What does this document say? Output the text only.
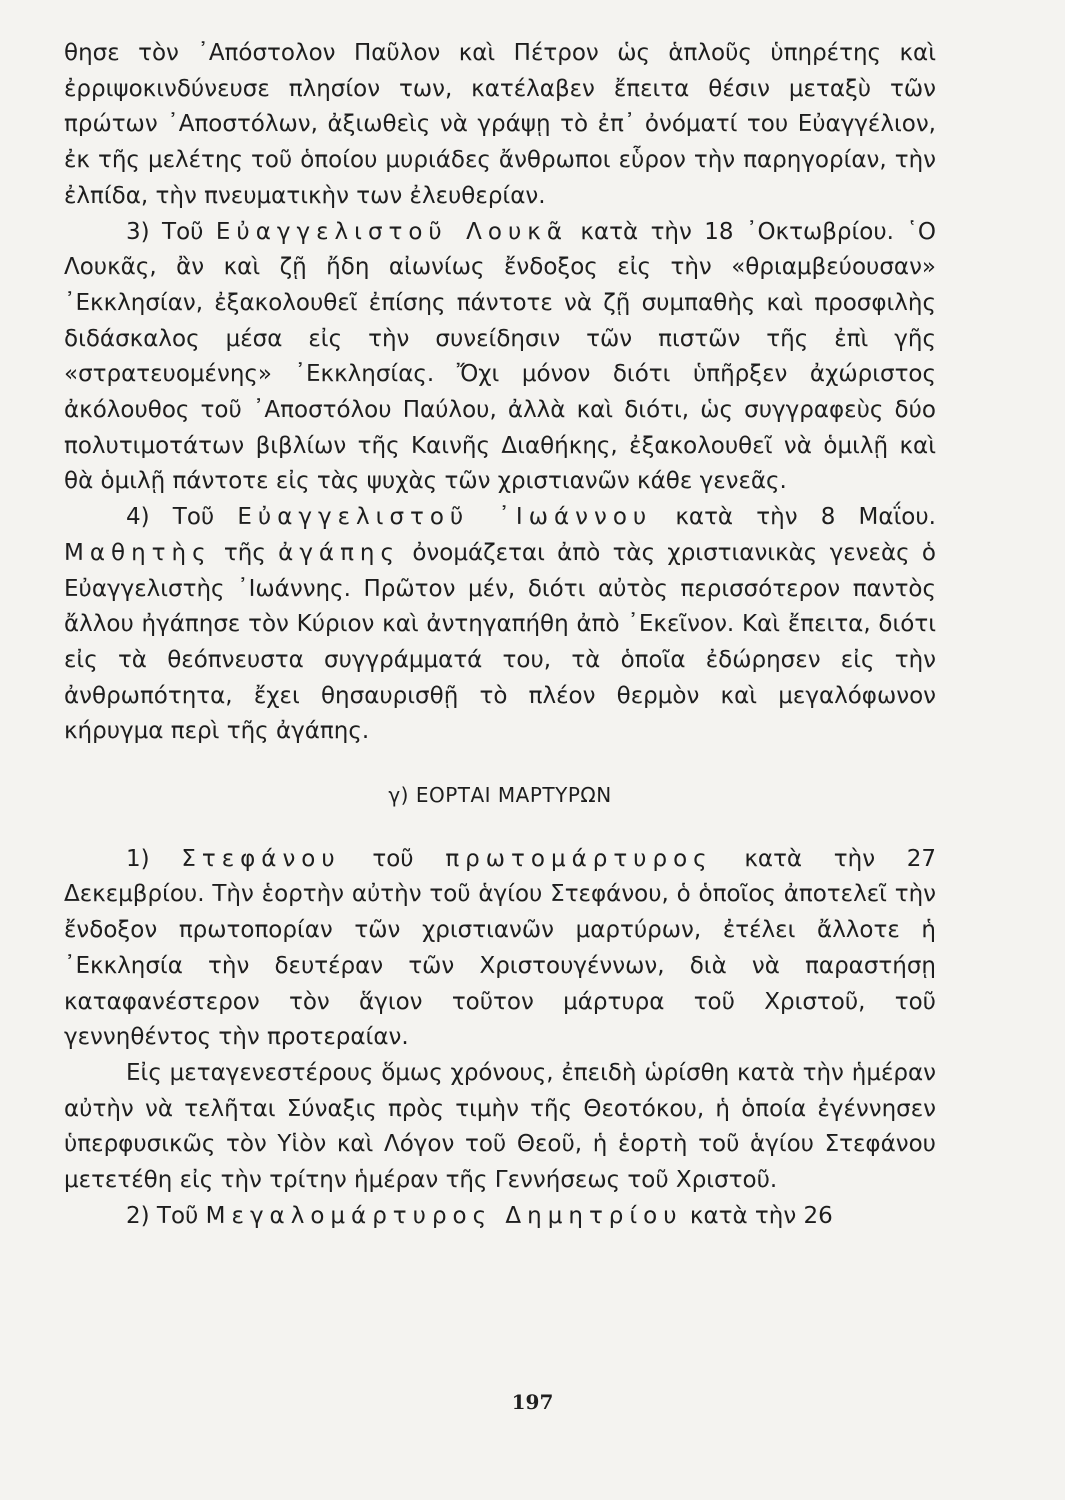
θησε τὸν ᾿Απόστολον Παῦλον καὶ Πέτρον ὡς ἁπλοῦς ὑπηρέτης καὶ ἐρριψοκινδύνευσε πλησίον των, κατέλαβεν ἔπειτα θέσιν μεταξὺ τῶν πρώτων ᾿Αποστόλων, ἀξιωθεὶς νὰ γράψῃ τὸ ἐπ᾿ ὀνόματί του Εὐαγγέλιον, ἐκ τῆς μελέτης τοῦ ὁποίου μυριάδες ἄνθρωποι εὗρον τὴν παρηγορίαν, τὴν ἐλπίδα, τὴν πνευματικὴν των ἐλευθερίαν.

3) Τοῦ Εὐαγγελιστοῦ Λουκᾶ κατὰ τὴν 18 ᾿Οκτωβρίου. ῾Ο Λουκᾶς, ἂν καὶ ζῇ ἤδη αἰωνίως ἔνδοξος εἰς τὴν «θριαμβεύουσαν» ᾿Εκκλησίαν, ἐξακολουθεῖ ἐπίσης πάντοτε νὰ ζῇ συμπαθὴς καὶ προσφιλὴς διδάσκαλος μέσα εἰς τὴν συνείδησιν τῶν πιστῶν τῆς ἐπὶ γῆς «στρατευομένης» ᾿Εκκλησίας. Ὄχι μόνον διότι ὑπῆρξεν ἀχώριστος ἀκόλουθος τοῦ ᾿Αποστόλου Παύλου, ἀλλὰ καὶ διότι, ὡς συγγραφεὺς δύο πολυτιμοτάτων βιβλίων τῆς Καινῆς Διαθήκης, ἐξακολουθεῖ νὰ ὁμιλῇ καὶ θὰ ὁμιλῇ πάντοτε εἰς τὰς ψυχὰς τῶν χριστιανῶν κάθε γενεᾶς.

4) Τοῦ Εὐαγγελιστοῦ ᾿Ιωάννου κατὰ τὴν 8 Μαΐου. Μαθητὴς τῆς ἀγάπης ὀνομάζεται ἀπὸ τὰς χριστιανικὰς γενεὰς ὁ Εὐαγγελιστὴς ᾿Ιωάννης. Πρῶτον μέν, διότι αὐτὸς περισσότερον παντὸς ἄλλου ἠγάπησε τὸν Κύριον καὶ ἀντηγαπήθη ἀπὸ ᾿Εκεῖνον. Καὶ ἔπειτα, διότι εἰς τὰ θεόπνευστα συγγράμματά του, τὰ ὁποῖα ἐδώρησεν εἰς τὴν ἀνθρωπότητα, ἔχει θησαυρισθῇ τὸ πλέον θερμὸν καὶ μεγαλόφωνον κήρυγμα περὶ τῆς ἀγάπης.

γ) ΕΟΡΤΑΙ ΜΑΡΤΥΡΩΝ

1) Στεφάνου τοῦ πρωτομάρτυρος κατὰ τὴν 27 Δεκεμβρίου. Τὴν ἑορτὴν αὐτὴν τοῦ ἁγίου Στεφάνου, ὁ ὁποῖος ἀποτελεῖ τὴν ἔνδοξον πρωτοπορίαν τῶν χριστιανῶν μαρτύρων, ἐτέλει ἄλλοτε ἡ ᾿Εκκλησία τὴν δευτέραν τῶν Χριστουγέννων, διὰ νὰ παραστήσῃ καταφανέστερον τὸν ἅγιον τοῦτον μάρτυρα τοῦ Χριστοῦ, τοῦ γεννηθέντος τὴν προτεραίαν.

Εἰς μεταγενεστέρους ὅμως χρόνους, ἐπειδὴ ὡρίσθη κατὰ τὴν ἡμέραν αὐτὴν νὰ τελῆται Σύναξις πρὸς τιμὴν τῆς Θεοτόκου, ἡ ὁποία ἐγέννησεν ὑπερφυσικῶς τὸν Υἱὸν καὶ Λόγον τοῦ Θεοῦ, ἡ ἑορτὴ τοῦ ἁγίου Στεφάνου μετετέθη εἰς τὴν τρίτην ἡμέραν τῆς Γεννήσεως τοῦ Χριστοῦ.

2) Τοῦ Μεγαλομάρτυρος Δημητρίου κατὰ τὴν 26

197
